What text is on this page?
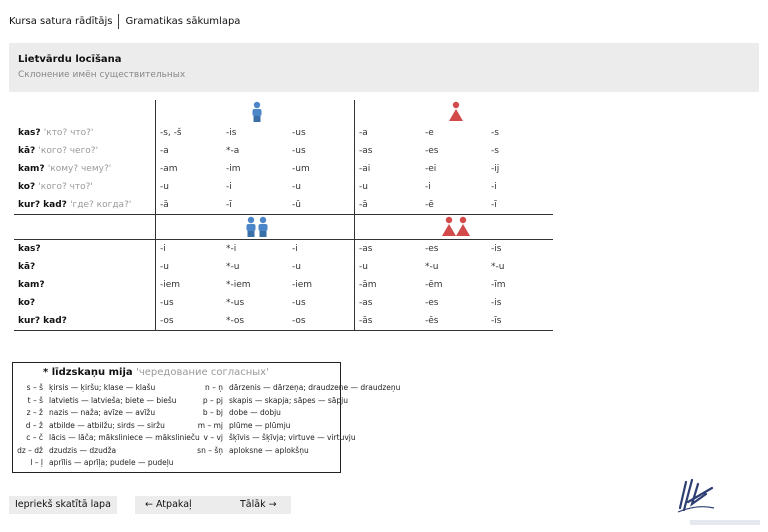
Kursa satura rādītājs Gramatikas sākumlapa
Lietvārdu locīšana
Склонение имён существительных

kas? 'кто? что?'	-s, -š	-is	-us	-a	-e	-s
kā? 'кого? чего?'	-a	*-a	-us	-as	-es	-s
kam? 'кому? чему?'	-am	-im	-um	-ai	-ei	-ij
ko? 'кого? что?'	-u	-i	-u	-u	-i	-i
kur? kad? 'где? когда?'	-ā	-ī	-ū	-ā	-ē	-ī

kas?	-i	*-i	-i	-as	-es	-is
kā?	-u	*-u	-u	-u	*-u	*-u
kam?	-iem	*-iem	-iem	-ām	-ēm	-īm
ko?	-us	*-us	-us	-as	-es	-is
kur? kad?	-os	*-os	-os	-ās	-ēs	-īs
* līdzskaņu mija 'чередование согласных'
s – š ķirsis — ķiršu; klase — klašu
t – š latvietis — latvieša; biete — biešu
z – ž nazis — naža; avīze — avīžu
d – ž atbilde — atbilžu; sirds — siržu
c – č lācis — lāča; mākslinieсe — mākslinieču
dz – dž dzudzis — dzudža
l – ļ aprīlis — aprīļa; pudele — pudeļu
n – ņ dārzenis — dārzeņa; draudzene — draudzeņu
p – pj skapis — skapja; sāpes — sāpju
b – bj dobe — dobju
m – mj plūme — plūmju
v – vj šķīvis — šķīvja; virtuve — virtuvju
sn – šņ aploksne — aplokšņu
Iepriekš skatītā lapa	← Atpakaļ	Tālāk →
